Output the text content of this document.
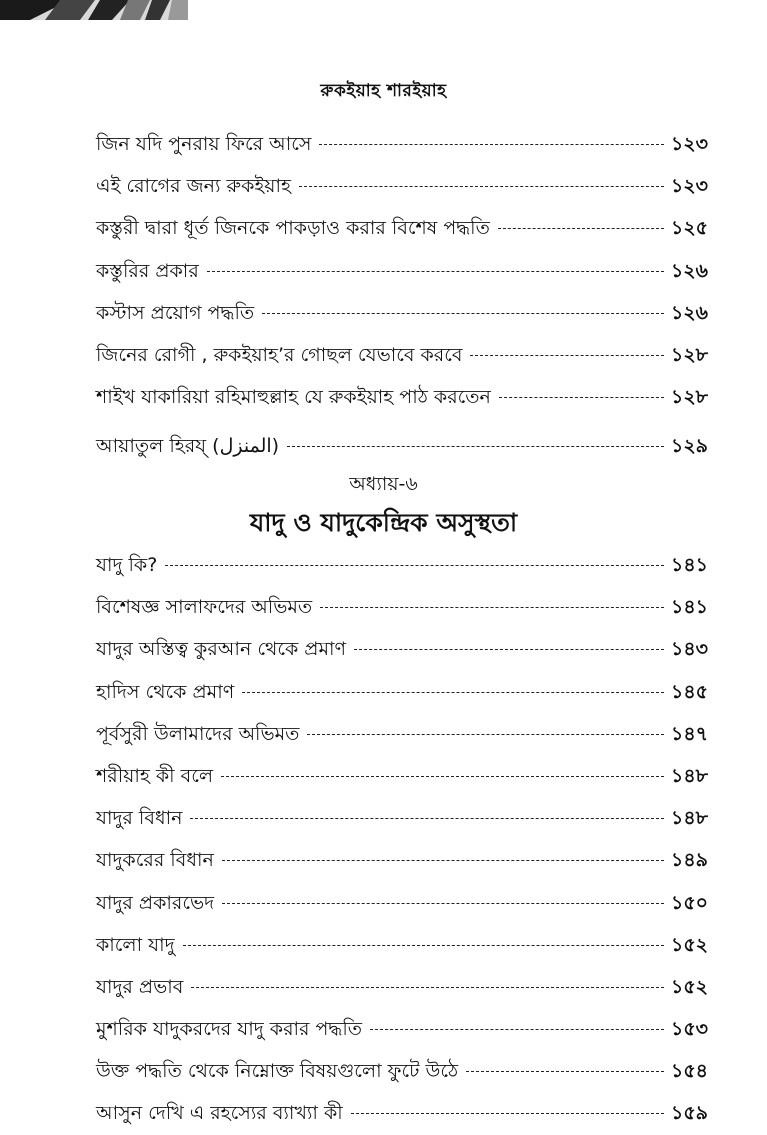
রুকইয়াহ শারইয়াহ
জিন যদি পুনরায় ফিরে আসে	১২৩
এই রোগের জন্য রুকইয়াহ	১২৩
কস্তুরী দ্বারা ধূর্ত জিনকে পাকড়াও করার বিশেষ পদ্ধতি	১২৫
কস্তুরির প্রকার	১২৬
কস্টাস প্রয়োগ পদ্ধতি	১২৬
জিনের রোগী , রুকইয়াহ’র গোছল যেভাবে করবে	১২৮
শাইখ যাকারিয়া রহিমাহুল্লাহ যে রুকইয়াহ পাঠ করতেন	১২৮
আয়াতুল হিরয্ (المنزل)	১২৯
অধ্যায়-৬
যাদু ও যাদুকেন্দ্রিক অসুস্থতা
যাদু কি?	১৪১
বিশেষজ্ঞ সালাফদের অভিমত	১৪১
যাদুর অস্তিত্ব কুরআন থেকে প্রমাণ	১৪৩
হাদিস থেকে প্রমাণ	১৪৫
পূর্বসুরী উলামাদের অভিমত	১৪৭
শরীয়াহ কী বলে	১৪৮
যাদুর বিধান	১৪৮
যাদুকরের বিধান	১৪৯
যাদুর প্রকারভেদ	১৫০
কালো যাদু	১৫২
যাদুর প্রভাব	১৫২
মুশরিক যাদুকরদের যাদু করার পদ্ধতি	১৫৩
উক্ত পদ্ধতি থেকে নিম্নোক্ত বিষয়গুলো ফুটে উঠে	১৫৪
আসুন দেখি এ রহস্যের ব্যাখ্যা কী	১৫৯
